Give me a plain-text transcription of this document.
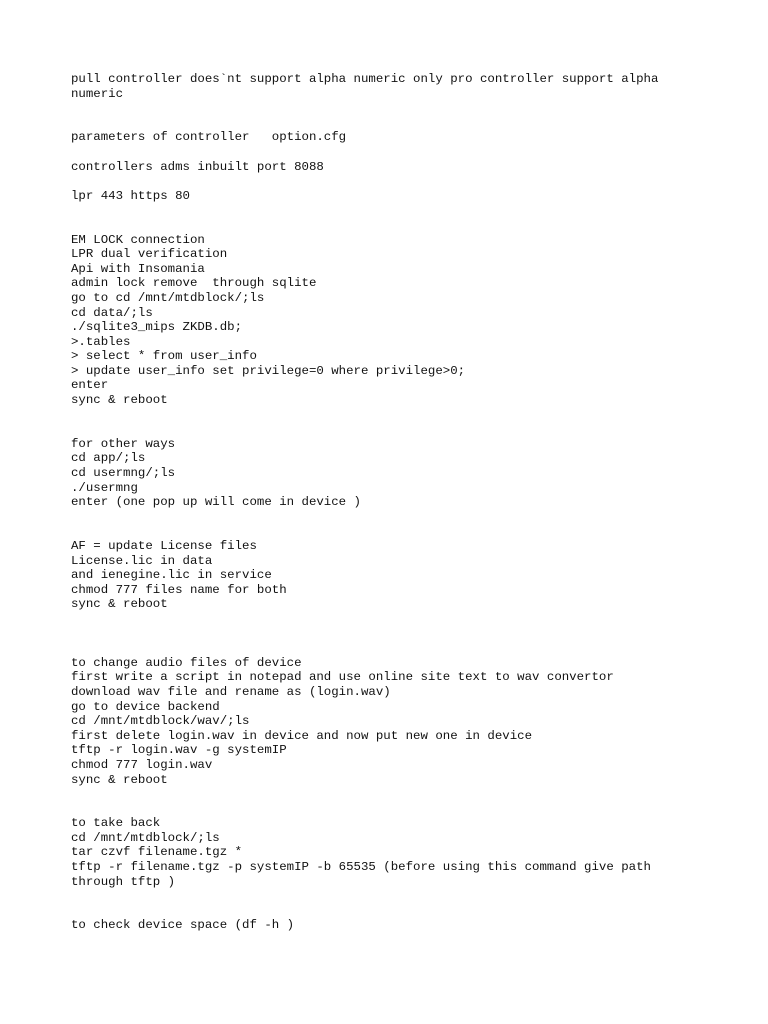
pull controller does`nt support alpha numeric only pro controller support alpha
numeric
parameters of controller   option.cfg
controllers adms inbuilt port 8088
lpr 443 https 80
EM LOCK connection
LPR dual verification
Api with Insomania
admin lock remove  through sqlite
go to cd /mnt/mtdblock/;ls
cd data/;ls
./sqlite3_mips ZKDB.db;
>.tables
> select * from user_info
> update user_info set privilege=0 where privilege>0;
enter
sync & reboot
for other ways
cd app/;ls
cd usermng/;ls
./usermng
enter (one pop up will come in device )
AF = update License files
License.lic in data
and ienegine.lic in service
chmod 777 files name for both
sync & reboot
to change audio files of device
first write a script in notepad and use online site text to wav convertor
download wav file and rename as (login.wav)
go to device backend
cd /mnt/mtdblock/wav/;ls
first delete login.wav in device and now put new one in device
tftp -r login.wav -g systemIP
chmod 777 login.wav
sync & reboot
to take back
cd /mnt/mtdblock/;ls
tar czvf filename.tgz *
tftp -r filename.tgz -p systemIP -b 65535 (before using this command give path
through tftp )
to check device space (df -h )
